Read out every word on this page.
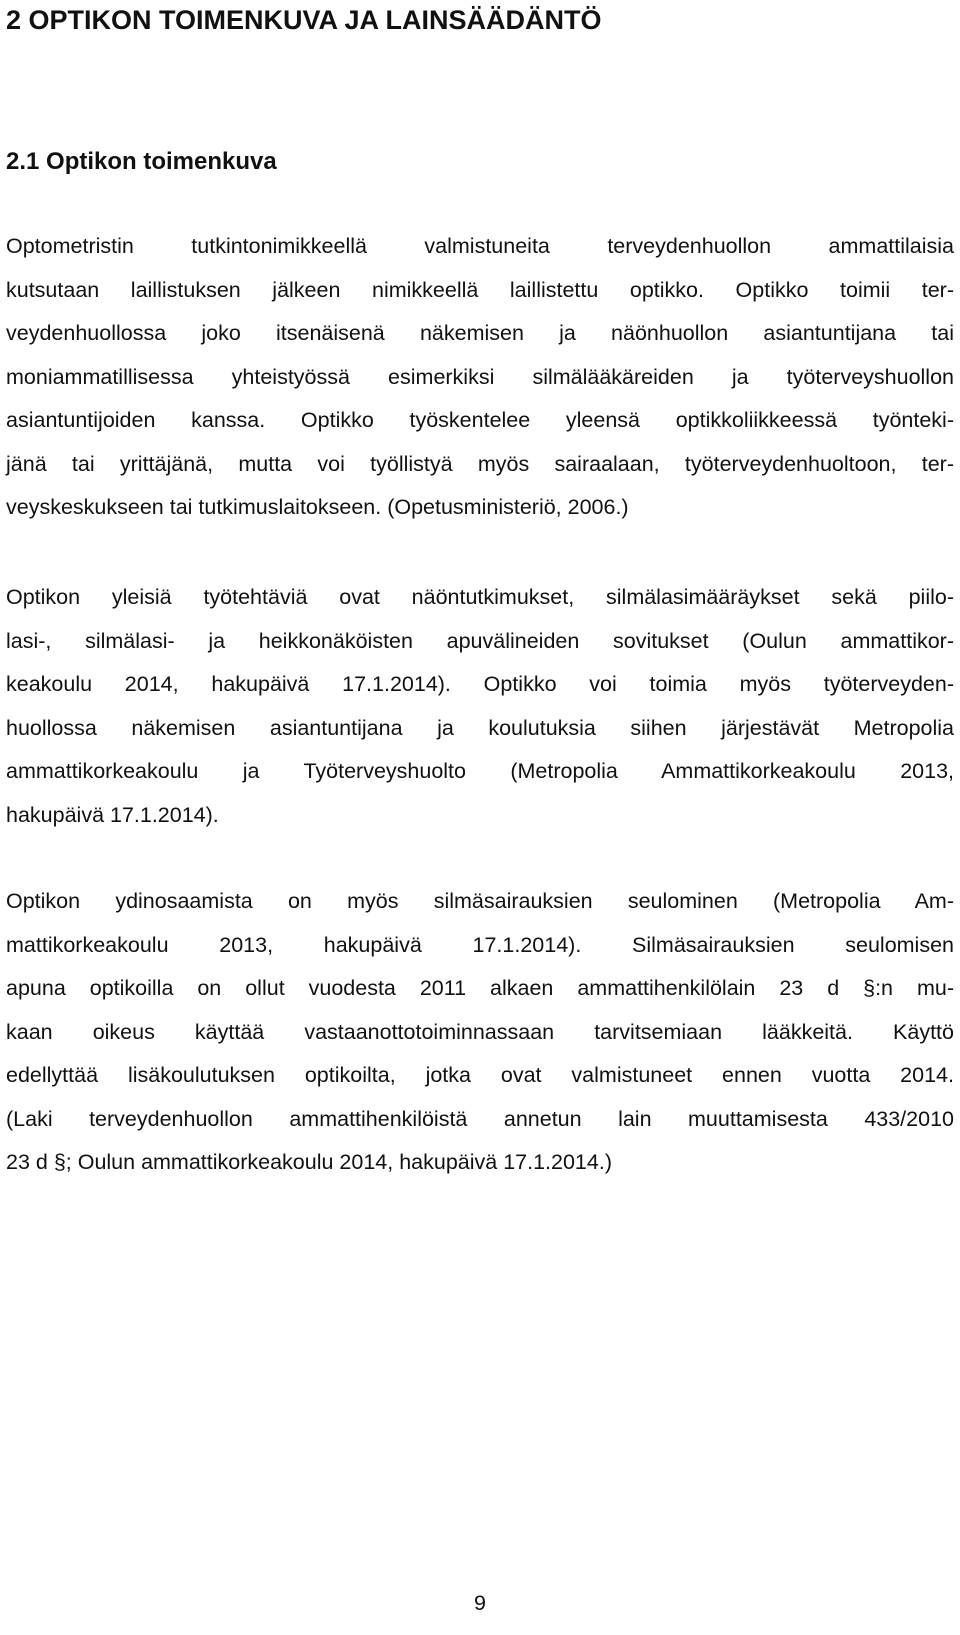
2 OPTIKON TOIMENKUVA JA LAINSÄÄDÄNTÖ
2.1 Optikon toimenkuva

Optometristin tutkintonimikkeellä valmistuneita terveydenhuollon ammattilaisia
kutsutaan laillistuksen jälkeen nimikkeellä laillistettu optikko. Optikko toimii ter-
veydenhuollossa joko itsenäisenä näkemisen ja näönhuollon asiantuntijana tai
moniammatillisessa yhteistyössä esimerkiksi silmälääkäreiden ja työterveyshuollon
asiantuntijoiden kanssa. Optikko työskentelee yleensä optikkoliikkeessä työnteki-
jänä tai yrittäjänä, mutta voi työllistyä myös sairaalaan, työterveydenhuoltoon, ter-
veyskeskukseen tai tutkimuslaitokseen. (Opetusministeriö, 2006.)

Optikon yleisiä työtehtäviä ovat näöntutkimukset, silmälasimääräykset sekä piilo-
lasi-, silmälasi- ja heikkonäköisten apuvälineiden sovitukset (Oulun ammattikor-
keakoulu 2014, hakupäivä 17.1.2014). Optikko voi toimia myös työterveyden-
huollossa näkemisen asiantuntijana ja koulutuksia siihen järjestävät Metropolia
ammattikorkeakoulu ja Työterveyshuolto (Metropolia Ammattikorkeakoulu 2013,
hakupäivä 17.1.2014).

Optikon ydinosaamista on myös silmäsairauksien seulominen (Metropolia Am-
mattikorkeakoulu 2013, hakupäivä 17.1.2014). Silmäsairauksien seulomisen
apuna optikoilla on ollut vuodesta 2011 alkaen ammattihenkilölain 23 d §:n mu-
kaan oikeus käyttää vastaanottotoiminnassaan tarvitsemiaan lääkkeitä. Käyttö
edellyttää lisäkoulutuksen optikoilta, jotka ovat valmistuneet ennen vuotta 2014.
(Laki terveydenhuollon ammattihenkilöistä annetun lain muuttamisesta 433/2010
23 d §; Oulun ammattikorkeakoulu 2014, hakupäivä 17.1.2014.)

9
